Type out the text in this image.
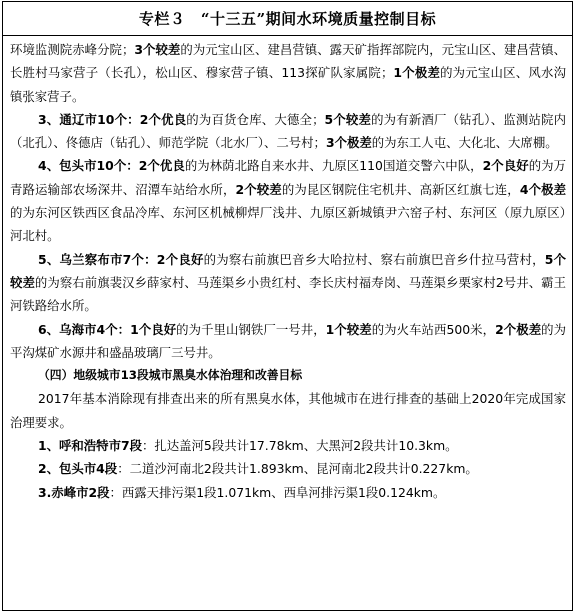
专栏３　“十三五”期间水环境质量控制目标

环境监测院赤峰分院；3个较差的为元宝山区、建昌营镇、露天矿指挥部院内，元宝山区、建昌营镇、长胜村马家营子（长孔），松山区、穆家营子镇、113探矿队家属院；1个极差的为元宝山区、风水沟镇张家营子。

3、通辽市10个：2个优良的为百货仓库、大德全；5个较差的为有新酒厂（钻孔）、监测站院内（北孔）、佟德店（钻孔）、师范学院（北水厂）、二号村；3个极差的为东工人屯、大化北、大席棚。

4、包头市10个：2个优良的为林荫北路自来水井、九原区110国道交警六中队，2个良好的为万青路运输部农场深井、沼潭车站给水所，2个较差的为昆区钢院住宅机井、高新区红旗七连，4个极差的为东河区铁西区食品冷库、东河区机械柳焊厂浅井、九原区新城镇尹六窑子村、东河区（原九原区）河北村。

5、乌兰察布市7个：2个良好的为察右前旗巴音乡大哈拉村、察右前旗巴音乡什拉马营村，5个较差的为察右前旗裴汉乡薛家村、马莲渠乡小贵红村、李长庆村福寿岗、马莲渠乡栗家村2号井、霸王河铁路给水所。

6、乌海市4个：1个良好的为千里山钢铁厂一号井，1个较差的为火车站西500米，2个极差的为平沟煤矿水源井和盛晶玻璃厂三号井。

（四）地级城市13段城市黑臭水体治理和改善目标

2017年基本消除现有排查出来的所有黑臭水体，其他城市在进行排查的基础上2020年完成国家治理要求。

1、呼和浩特市7段：扎达盖河5段共计17.78km、大黑河2段共计10.3km。

2、包头市4段：二道沙河南北2段共计1.893km、昆河南北2段共计0.227km。

3.赤峰市2段：西露天排污渠1段1.071km、西阜河排污渠1段0.124km。
